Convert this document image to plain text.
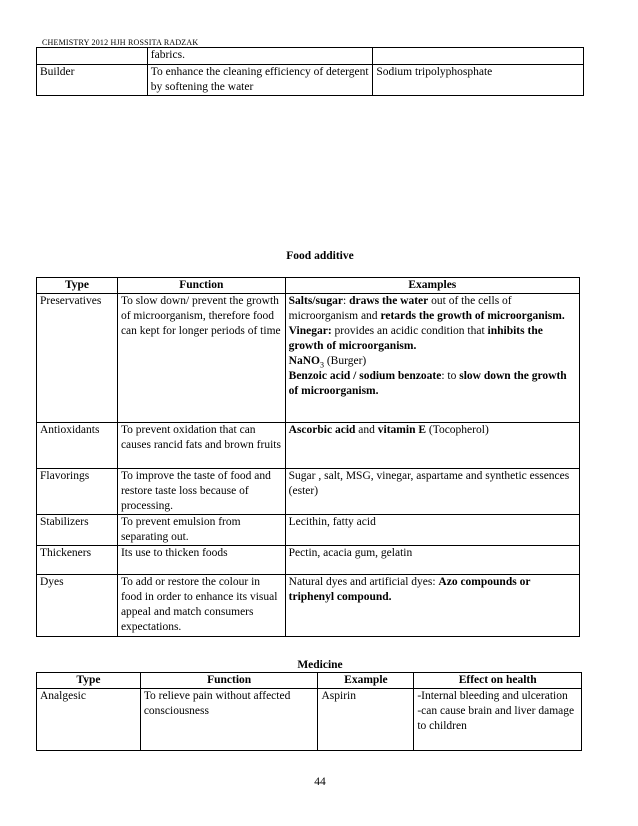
CHEMISTRY 2012 HJH ROSSITA RADZAK
	fabrics.	
Builder	To enhance the cleaning efficiency of detergent by softening the water	Sodium tripolyphosphate
Food additive
Type	Function	Examples
Preservatives	To slow down/ prevent the growth of microorganism, therefore food can kept for longer periods of time	Salts/sugar: draws the water out of the cells of microorganism and retards the growth of microorganism.
Vinegar: provides an acidic condition that inhibits the growth of microorganism.
NaNO$_3$ (Burger)
Benzoic acid / sodium benzoate: to slow down the growth of microorganism.

Antioxidants	To prevent oxidation that can causes rancid fats and brown fruits	Ascorbic acid and vitamin E (Tocopherol)
Flavorings	To improve the taste of food and restore taste loss because of processing.	Sugar , salt, MSG, vinegar, aspartame and synthetic essences (ester)
Stabilizers	To prevent emulsion from separating out.	Lecithin, fatty acid
Thickeners	Its use to thicken foods	Pectin, acacia gum, gelatin
Dyes	To add or restore the colour in food in order to enhance its visual appeal and match consumers expectations.	Natural dyes and artificial dyes: Azo compounds or triphenyl compound.
Medicine
Type	Function	Example	Effect on health
Analgesic	To relieve pain without affected consciousness	Aspirin	-Internal bleeding and ulceration
-can cause brain and liver damage to children
44
